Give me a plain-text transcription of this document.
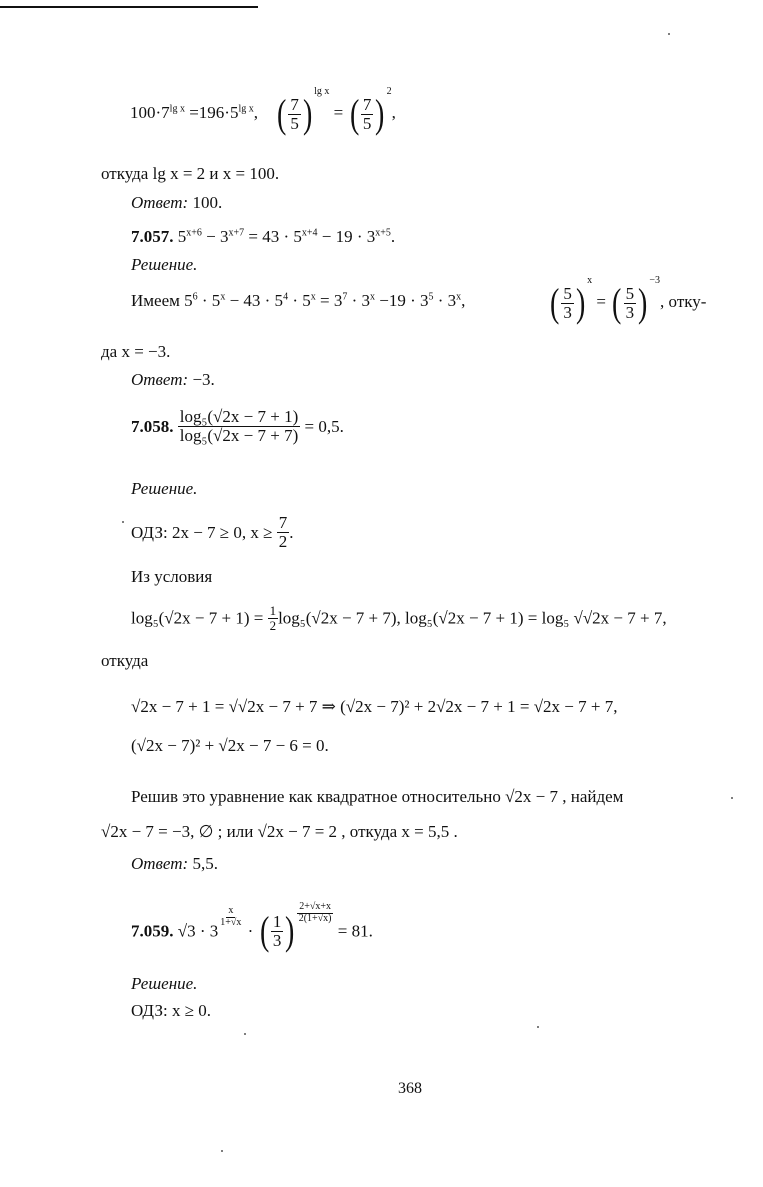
$100\cdot 7^{lg x} =196\cdot 5^{lg x}$, ( $\frac{7}{5}$ ) $^{lg x}$ = ( $\frac{7}{5}$ ) $^2$,
откуда lg x = 2 и x = 100.
Ответ: 100.
7.057. $5^{x+6} - 3^{x+7} = 43 \cdot 5^{x+4} - 19 \cdot 3^{x+5}$.
Решение.
Имеем $5^6 \cdot 5^x - 43 \cdot 5^4 \cdot 5^x = 3^7 \cdot 3^x -19 \cdot 3^5 \cdot 3^x$, ( $\frac{5}{3}$ ) $^x$ = ( $\frac{5}{3}$ ) $^{-3}$, отку-
да x = −3.
Ответ: −3.
7.058. $\frac{\text{log₅(√2x − 7 + 1)}}{\text{log₅(√2x − 7 + 7)}} = 0,5$.
Решение.
ОДЗ: 2x − 7 ≥ 0, $x \ge \frac{7}{2}$ .
Из условия
$\log_5(√2x - 7 + 1) = \frac{1}{2} \log_5(√2x - 7 + 7)$, log₅(√2x − 7 + 1) = log₅ √√2x − 7 + 7,
откуда
√2x − 7 + 1 = √√2x − 7 + 7 ⇒ (√2x − 7)² + 2√2x − 7 + 1 = √2x − 7 + 7,
(√2x − 7)² + √2x − 7 − 6 = 0.
Решив это уравнение как квадратное относительно √2x − 7 , найдем
√2x − 7 = −3, ∅ ; или √2x − 7 = 2 , откуда x = 5,5 .
Ответ: 5,5.
7.059. √3 · 3
$\frac{x}{1+√x}$
· ( $\frac{1}{3}$ ) $\frac{2+√x+x}{2(1+√x)}$
= 81.
Решение.
ОДЗ: x ≥ 0.
368
